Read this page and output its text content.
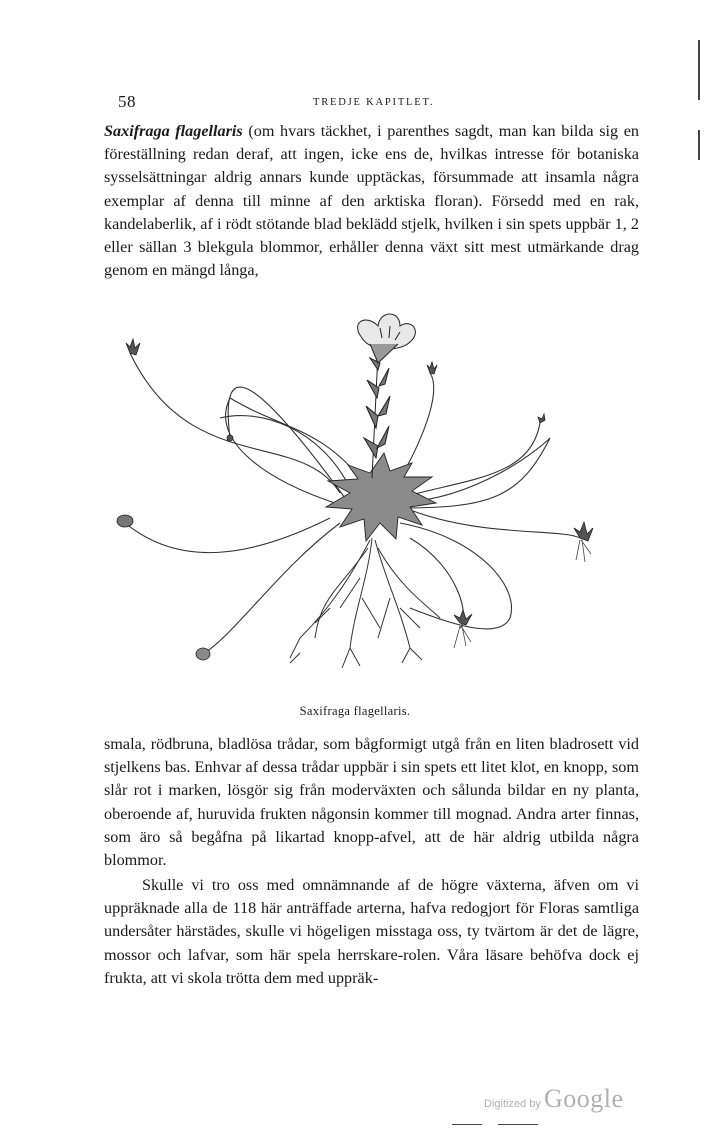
58	TREDJE KAPITLET.

Saxifraga flagellaris (om hvars täckhet, i parenthes sagdt, man kan bilda sig en föreställning redan deraf, att ingen, icke ens de, hvilkas intresse för botaniska sysselsättningar aldrig annars kunde upptäckas, försummade att insamla några exemplar af denna till minne af den arktiska floran). Försedd med en rak, kandelaberlik, af i rödt stötande blad beklädd stjelk, hvilken i sin spets uppbär 1, 2 eller sällan 3 blekgula blommor, erhåller denna växt sitt mest utmärkande drag genom en mängd långa,

Saxifraga flagellaris.

smala, rödbruna, bladlösa trådar, som bågformigt utgå från en liten bladrosett vid stjelkens bas. Enhvar af dessa trådar uppbär i sin spets ett litet klot, en knopp, som slår rot i marken, lösgör sig från moderväxten och sålunda bildar en ny planta, oberoende af, huruvida frukten någonsin kommer till mognad. Andra arter finnas, som äro så begåfna på likartad knopp-afvel, att de här aldrig utbilda några blommor.

Skulle vi tro oss med omnämnande af de högre växterna, äfven om vi uppräknade alla de 118 här anträffade arterna, hafva redogjort för Floras samtliga undersåter härstädes, skulle vi högeligen misstaga oss, ty tvärtom är det de lägre, mossor och lafvar, som här spela herrskare-rolen. Våra läsare behöfva dock ej frukta, att vi skola trötta dem med uppräk-

Digitized by Google
